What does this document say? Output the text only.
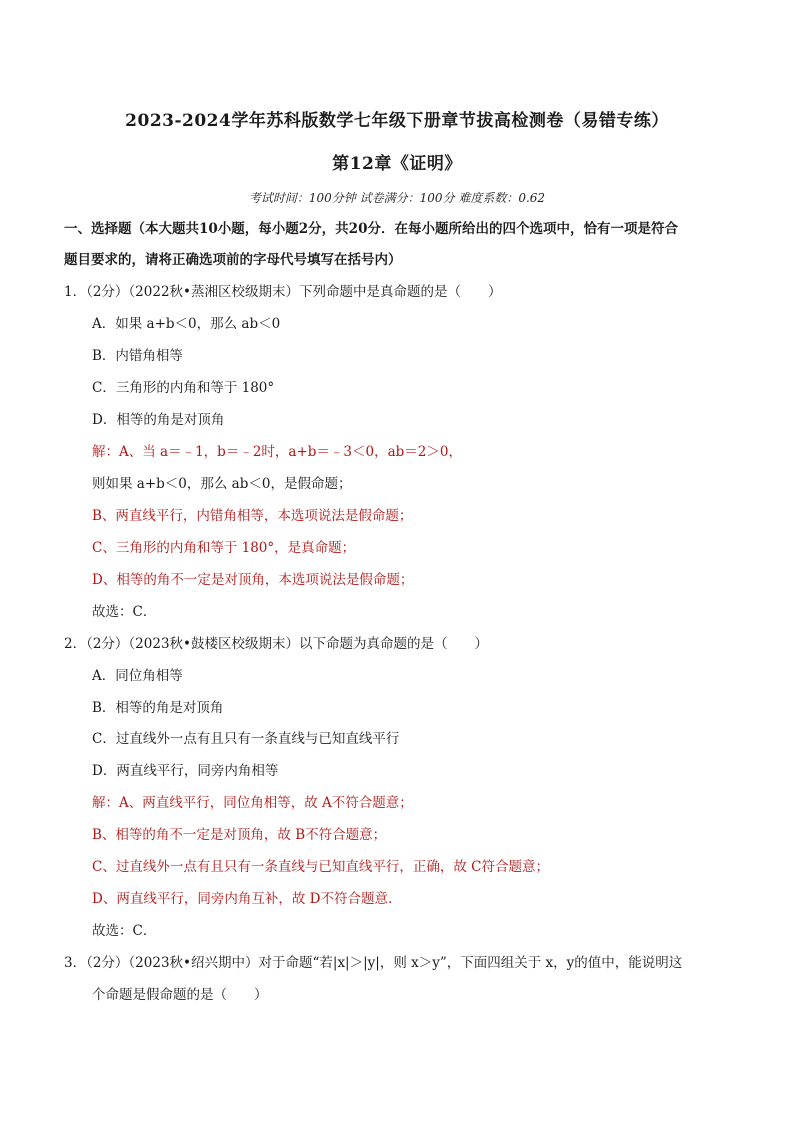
2023-2024学年苏科版数学七年级下册章节拔高检测卷（易错专练）
第12章《证明》
考试时间：100分钟 试卷满分：100分 难度系数：0.62
一、选择题（本大题共10小题，每小题2分，共20分．在每小题所给出的四个选项中，恰有一项是符合
题目要求的，请将正确选项前的字母代号填写在括号内）
1．（2分）（2022秋•蒸湘区校级期末）下列命题中是真命题的是（　　）
A．如果 a+b＜0，那么 ab＜0
B．内错角相等
C．三角形的内角和等于 180°
D．相等的角是对顶角
解：A、当 a＝﹣1，b＝﹣2时，a+b＝﹣3＜0，ab＝2＞0，
则如果 a+b＜0，那么 ab＜0，是假命题；
B、两直线平行，内错角相等，本选项说法是假命题；
C、三角形的内角和等于 180°，是真命题；
D、相等的角不一定是对顶角，本选项说法是假命题；
故选：C．
2．（2分）（2023秋•鼓楼区校级期末）以下命题为真命题的是（　　）
A．同位角相等
B．相等的角是对顶角
C．过直线外一点有且只有一条直线与已知直线平行
D．两直线平行，同旁内角相等
解：A、两直线平行，同位角相等，故 A不符合题意；
B、相等的角不一定是对顶角，故 B不符合题意；
C、过直线外一点有且只有一条直线与已知直线平行，正确，故 C符合题意；
D、两直线平行，同旁内角互补，故 D不符合题意．
故选：C．
3．（2分）（2023秋•绍兴期中）对于命题“若|x|＞|y|，则 x＞y”，下面四组关于 x，y的值中，能说明这
个命题是假命题的是（　　）
